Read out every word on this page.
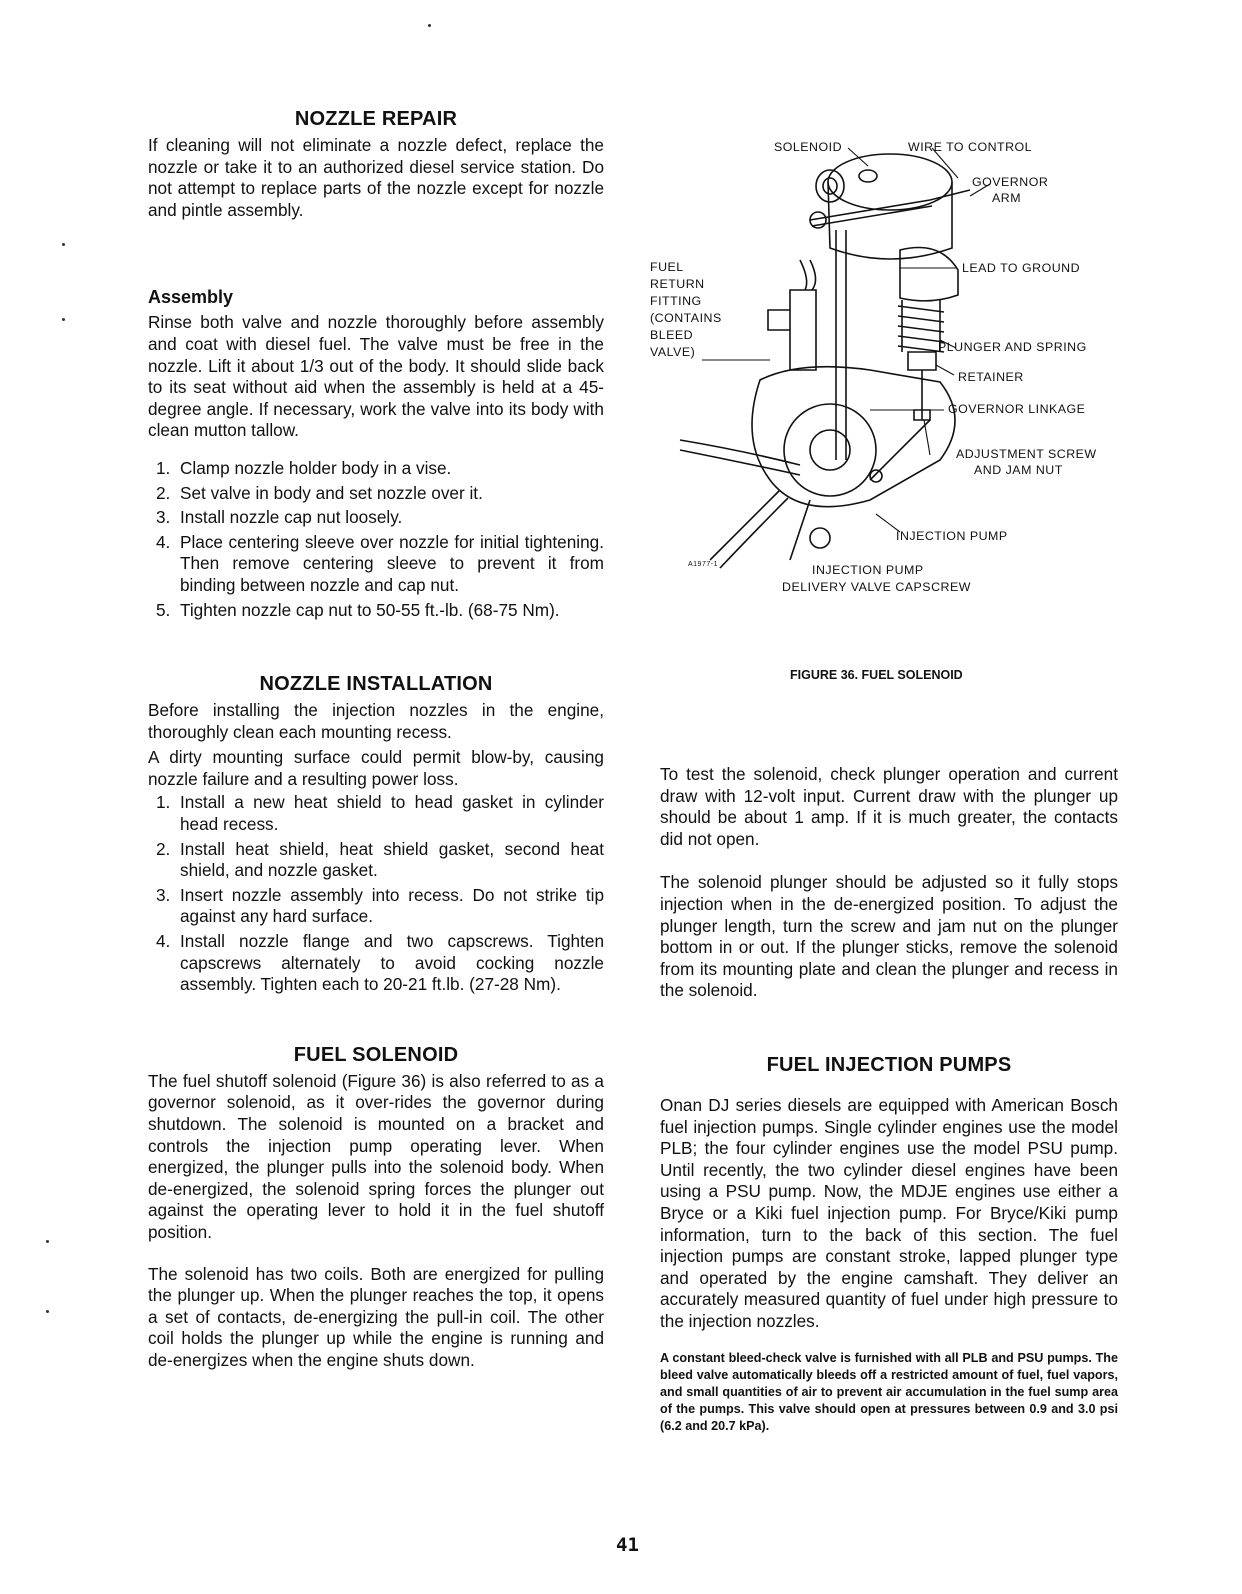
NOZZLE REPAIR

If cleaning will not eliminate a nozzle defect, replace the nozzle or take it to an authorized diesel service station. Do not attempt to replace parts of the nozzle except for nozzle and pintle assembly.

Assembly

Rinse both valve and nozzle thoroughly before assembly and coat with diesel fuel. The valve must be free in the nozzle. Lift it about 1/3 out of the body. It should slide back to its seat without aid when the assembly is held at a 45-degree angle. If necessary, work the valve into its body with clean mutton tallow.

1. Clamp nozzle holder body in a vise.
2. Set valve in body and set nozzle over it.
3. Install nozzle cap nut loosely.
4. Place centering sleeve over nozzle for initial tightening. Then remove centering sleeve to prevent it from binding between nozzle and cap nut.
5. Tighten nozzle cap nut to 50-55 ft.-lb. (68-75 Nm).
NOZZLE INSTALLATION

Before installing the injection nozzles in the engine, thoroughly clean each mounting recess.

A dirty mounting surface could permit blow-by, causing nozzle failure and a resulting power loss.

1. Install a new heat shield to head gasket in cylinder head recess.
2. Install heat shield, heat shield gasket, second heat shield, and nozzle gasket.
3. Insert nozzle assembly into recess. Do not strike tip against any hard surface.
4. Install nozzle flange and two capscrews. Tighten capscrews alternately to avoid cocking nozzle assembly. Tighten each to 20-21 ft.lb. (27-28 Nm).
FUEL SOLENOID

The fuel shutoff solenoid (Figure 36) is also referred to as a governor solenoid, as it over-rides the governor during shutdown. The solenoid is mounted on a bracket and controls the injection pump operating lever. When energized, the plunger pulls into the solenoid body. When de-energized, the solenoid spring forces the plunger out against the operating lever to hold it in the fuel shutoff position.

The solenoid has two coils. Both are energized for pulling the plunger up. When the plunger reaches the top, it opens a set of contacts, de-energizing the pull-in coil. The other coil holds the plunger up while the engine is running and de-energizes when the engine shuts down.

SOLENOID	WIRE TO CONTROL
GOVERNOR
ARM
FUEL
RETURN
FITTING
(CONTAINS
BLEED
VALVE)
LEAD TO GROUND
PLUNGER AND SPRING
RETAINER
GOVERNOR LINKAGE
ADJUSTMENT SCREW
AND JAM NUT
INJECTION PUMP
INJECTION PUMP
DELIVERY VALVE CAPSCREW
A1977-1
FIGURE 36. FUEL SOLENOID

To test the solenoid, check plunger operation and current draw with 12-volt input. Current draw with the plunger up should be about 1 amp. If it is much greater, the contacts did not open.

The solenoid plunger should be adjusted so it fully stops injection when in the de-energized position. To adjust the plunger length, turn the screw and jam nut on the plunger bottom in or out. If the plunger sticks, remove the solenoid from its mounting plate and clean the plunger and recess in the solenoid.

FUEL INJECTION PUMPS

Onan DJ series diesels are equipped with American Bosch fuel injection pumps. Single cylinder engines use the model PLB; the four cylinder engines use the model PSU pump. Until recently, the two cylinder diesel engines have been using a PSU pump. Now, the MDJE engines use either a Bryce or a Kiki fuel injection pump. For Bryce/Kiki pump information, turn to the back of this section. The fuel injection pumps are constant stroke, lapped plunger type and operated by the engine camshaft. They deliver an accurately measured quantity of fuel under high pressure to the injection nozzles.

A constant bleed-check valve is furnished with all PLB and PSU pumps. The bleed valve automatically bleeds off a restricted amount of fuel, fuel vapors, and small quantities of air to prevent air accumulation in the fuel sump area of the pumps. This valve should open at pressures between 0.9 and 3.0 psi (6.2 and 20.7 kPa).

41
